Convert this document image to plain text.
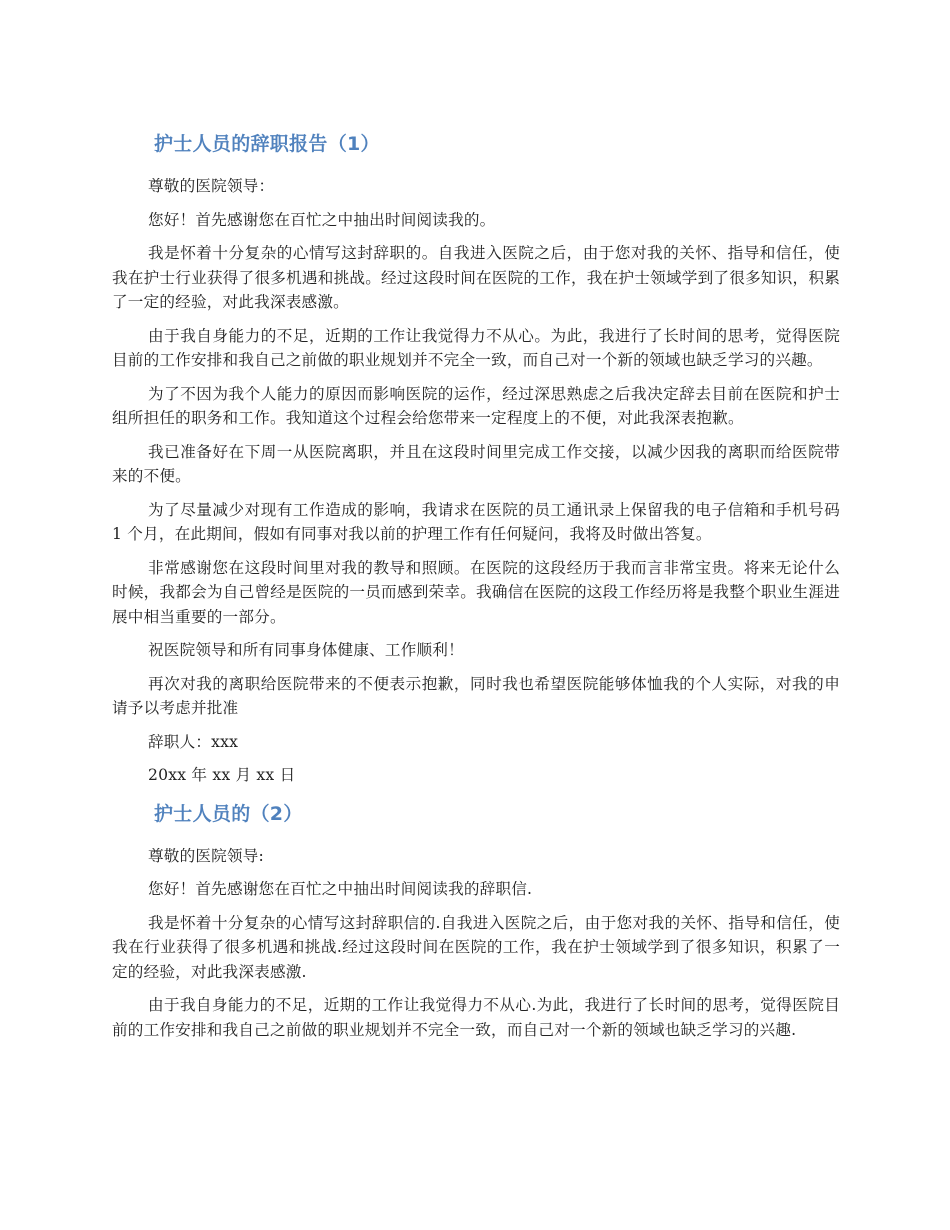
护士人员的辞职报告（1）

尊敬的医院领导：

您好！首先感谢您在百忙之中抽出时间阅读我的。

我是怀着十分复杂的心情写这封辞职的。自我进入医院之后，由于您对我的关怀、指导和信任，使我在护士行业获得了很多机遇和挑战。经过这段时间在医院的工作，我在护士领域学到了很多知识，积累了一定的经验，对此我深表感激。

由于我自身能力的不足，近期的工作让我觉得力不从心。为此，我进行了长时间的思考，觉得医院目前的工作安排和我自己之前做的职业规划并不完全一致，而自己对一个新的领域也缺乏学习的兴趣。

为了不因为我个人能力的原因而影响医院的运作，经过深思熟虑之后我决定辞去目前在医院和护士组所担任的职务和工作。我知道这个过程会给您带来一定程度上的不便，对此我深表抱歉。

我已准备好在下周一从医院离职，并且在这段时间里完成工作交接，以减少因我的离职而给医院带来的不便。

为了尽量减少对现有工作造成的影响，我请求在医院的员工通讯录上保留我的电子信箱和手机号码 1 个月，在此期间，假如有同事对我以前的护理工作有任何疑问，我将及时做出答复。

非常感谢您在这段时间里对我的教导和照顾。在医院的这段经历于我而言非常宝贵。将来无论什么时候，我都会为自己曾经是医院的一员而感到荣幸。我确信在医院的这段工作经历将是我整个职业生涯进展中相当重要的一部分。

祝医院领导和所有同事身体健康、工作顺利！

再次对我的离职给医院带来的不便表示抱歉，同时我也希望医院能够体恤我的个人实际，对我的申请予以考虑并批准

辞职人：xxx

20xx 年 xx 月 xx 日

护士人员的（2）

尊敬的医院领导:

您好！首先感谢您在百忙之中抽出时间阅读我的辞职信.

我是怀着十分复杂的心情写这封辞职信的.自我进入医院之后，由于您对我的关怀、指导和信任，使我在行业获得了很多机遇和挑战.经过这段时间在医院的工作，我在护士领域学到了很多知识，积累了一定的经验，对此我深表感激.

由于我自身能力的不足，近期的工作让我觉得力不从心.为此，我进行了长时间的思考，觉得医院目前的工作安排和我自己之前做的职业规划并不完全一致，而自己对一个新的领域也缺乏学习的兴趣.
